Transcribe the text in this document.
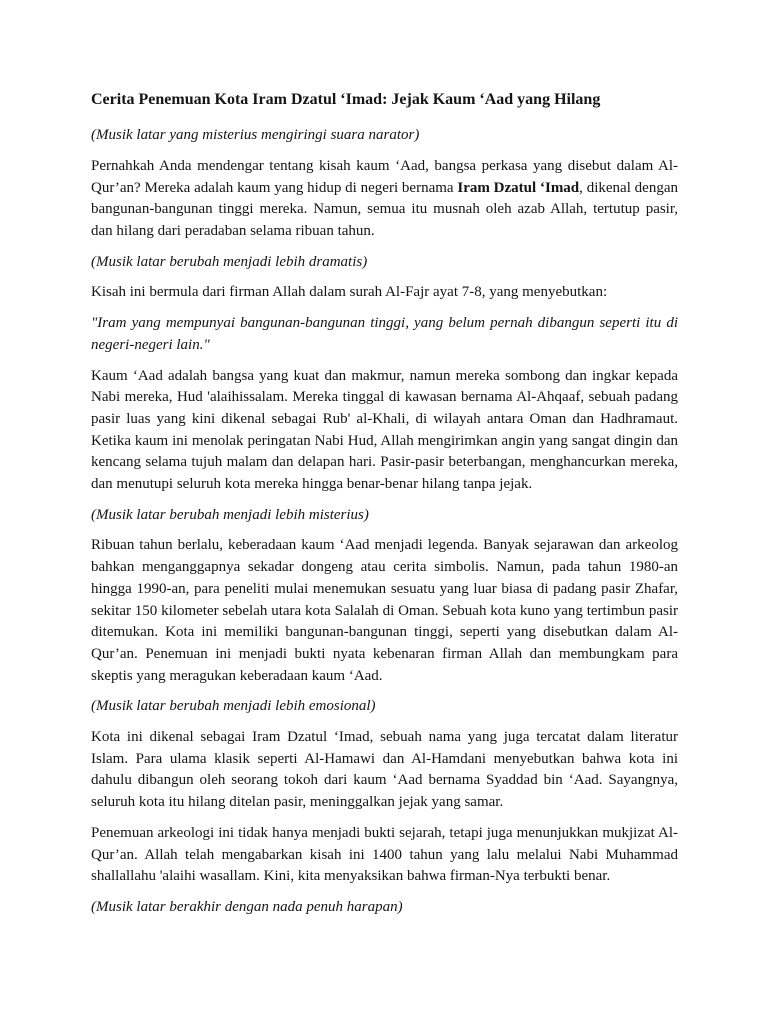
Cerita Penemuan Kota Iram Dzatul ‘Imad: Jejak Kaum ‘Aad yang Hilang

(Musik latar yang misterius mengiringi suara narator)

Pernahkah Anda mendengar tentang kisah kaum ‘Aad, bangsa perkasa yang disebut dalam Al-Qur’an? Mereka adalah kaum yang hidup di negeri bernama Iram Dzatul ‘Imad, dikenal dengan bangunan-bangunan tinggi mereka. Namun, semua itu musnah oleh azab Allah, tertutup pasir, dan hilang dari peradaban selama ribuan tahun.

(Musik latar berubah menjadi lebih dramatis)

Kisah ini bermula dari firman Allah dalam surah Al-Fajr ayat 7-8, yang menyebutkan:

"Iram yang mempunyai bangunan-bangunan tinggi, yang belum pernah dibangun seperti itu di negeri-negeri lain."

Kaum ‘Aad adalah bangsa yang kuat dan makmur, namun mereka sombong dan ingkar kepada Nabi mereka, Hud 'alaihissalam. Mereka tinggal di kawasan bernama Al-Ahqaaf, sebuah padang pasir luas yang kini dikenal sebagai Rub' al-Khali, di wilayah antara Oman dan Hadhramaut. Ketika kaum ini menolak peringatan Nabi Hud, Allah mengirimkan angin yang sangat dingin dan kencang selama tujuh malam dan delapan hari. Pasir-pasir beterbangan, menghancurkan mereka, dan menutupi seluruh kota mereka hingga benar-benar hilang tanpa jejak.

(Musik latar berubah menjadi lebih misterius)

Ribuan tahun berlalu, keberadaan kaum ‘Aad menjadi legenda. Banyak sejarawan dan arkeolog bahkan menganggapnya sekadar dongeng atau cerita simbolis. Namun, pada tahun 1980-an hingga 1990-an, para peneliti mulai menemukan sesuatu yang luar biasa di padang pasir Zhafar, sekitar 150 kilometer sebelah utara kota Salalah di Oman. Sebuah kota kuno yang tertimbun pasir ditemukan. Kota ini memiliki bangunan-bangunan tinggi, seperti yang disebutkan dalam Al-Qur’an. Penemuan ini menjadi bukti nyata kebenaran firman Allah dan membungkam para skeptis yang meragukan keberadaan kaum ‘Aad.

(Musik latar berubah menjadi lebih emosional)

Kota ini dikenal sebagai Iram Dzatul ‘Imad, sebuah nama yang juga tercatat dalam literatur Islam. Para ulama klasik seperti Al-Hamawi dan Al-Hamdani menyebutkan bahwa kota ini dahulu dibangun oleh seorang tokoh dari kaum ‘Aad bernama Syaddad bin ‘Aad. Sayangnya, seluruh kota itu hilang ditelan pasir, meninggalkan jejak yang samar.

Penemuan arkeologi ini tidak hanya menjadi bukti sejarah, tetapi juga menunjukkan mukjizat Al-Qur’an. Allah telah mengabarkan kisah ini 1400 tahun yang lalu melalui Nabi Muhammad shallallahu 'alaihi wasallam. Kini, kita menyaksikan bahwa firman-Nya terbukti benar.

(Musik latar berakhir dengan nada penuh harapan)
